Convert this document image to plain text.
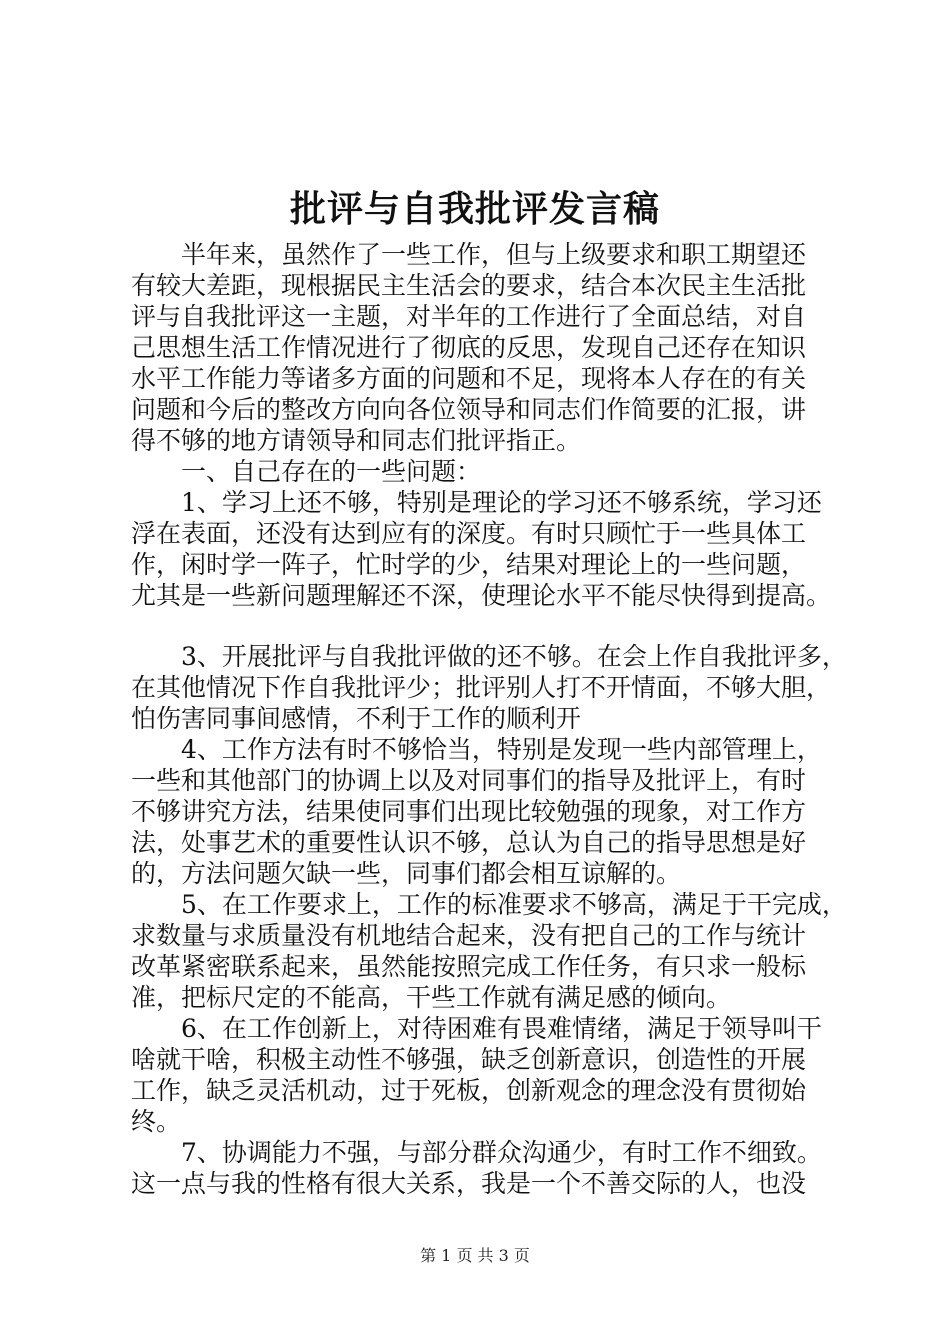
批评与自我批评发言稿
半年来，虽然作了一些工作，但与上级要求和职工期望还
有较大差距，现根据民主生活会的要求，结合本次民主生活批
评与自我批评这一主题，对半年的工作进行了全面总结，对自
己思想生活工作情况进行了彻底的反思，发现自己还存在知识
水平工作能力等诸多方面的问题和不足，现将本人存在的有关
问题和今后的整改方向向各位领导和同志们作简要的汇报，讲
得不够的地方请领导和同志们批评指正。
一、自己存在的一些问题：
1、学习上还不够，特别是理论的学习还不够系统，学习还
浮在表面，还没有达到应有的深度。有时只顾忙于一些具体工
作，闲时学一阵子，忙时学的少，结果对理论上的一些问题，
尤其是一些新问题理解还不深，使理论水平不能尽快得到提高。
3、开展批评与自我批评做的还不够。在会上作自我批评多，
在其他情况下作自我批评少；批评别人打不开情面，不够大胆，
怕伤害同事间感情，不利于工作的顺利开
4、工作方法有时不够恰当，特别是发现一些内部管理上，
一些和其他部门的协调上以及对同事们的指导及批评上，有时
不够讲究方法，结果使同事们出现比较勉强的现象，对工作方
法，处事艺术的重要性认识不够，总认为自己的指导思想是好
的，方法问题欠缺一些，同事们都会相互谅解的。
5、在工作要求上，工作的标准要求不够高，满足于干完成，
求数量与求质量没有机地结合起来，没有把自己的工作与统计
改革紧密联系起来，虽然能按照完成工作任务，有只求一般标
准，把标尺定的不能高，干些工作就有满足感的倾向。
6、在工作创新上，对待困难有畏难情绪，满足于领导叫干
啥就干啥，积极主动性不够强，缺乏创新意识，创造性的开展
工作，缺乏灵活机动，过于死板，创新观念的理念没有贯彻始
终。
7、协调能力不强，与部分群众沟通少，有时工作不细致。
这一点与我的性格有很大关系，我是一个不善交际的人，也没
第 1 页 共 3 页
